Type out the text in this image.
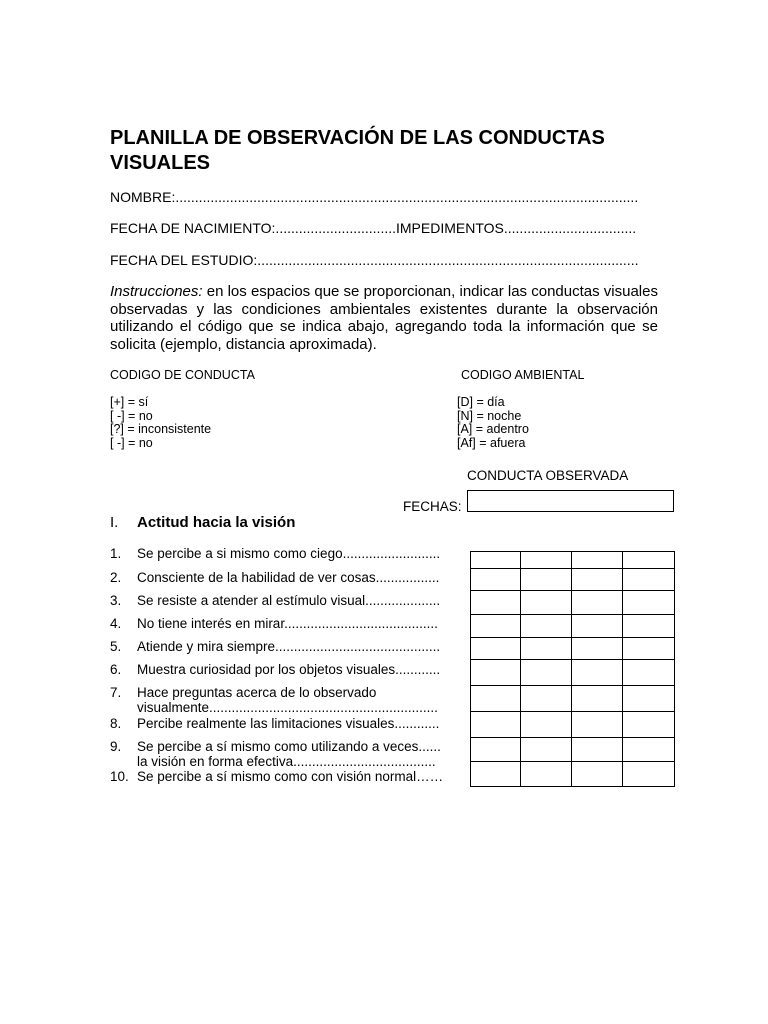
PLANILLA DE OBSERVACIÓN DE LAS CONDUCTAS VISUALES
NOMBRE:.......................................................................................................................
FECHA DE NACIMIENTO:...............................IMPEDIMENTOS..................................
FECHA DEL ESTUDIO:..................................................................................................

Instrucciones: en los espacios que se proporcionan, indicar las conductas visuales observadas y las condiciones ambientales existentes durante la observación utilizando el código que se indica abajo, agregando toda la información que se solicita (ejemplo, distancia aproximada).

CODIGO DE CONDUCTA
[+] = sí
[ -] = no
[?] = inconsistente
[ -] = no
CODIGO AMBIENTAL
[D] = día
[N] = noche
[A] = adentro
[Af] = afuera
CONDUCTA OBSERVADA
FECHAS:
I. Actitud hacia la visión
1. Se percibe a si mismo como ciego..........................
2. Consciente de la habilidad de ver cosas.................
3. Se resiste a atender al estímulo visual....................
4. No tiene interés en mirar.........................................
5. Atiende y mira siempre............................................
6. Muestra curiosidad por los objetos visuales............
7. Hace preguntas acerca de lo observado
visualmente.............................................................
8. Percibe realmente las limitaciones visuales............
9. Se percibe a sí mismo como utilizando a veces......
la visión en forma efectiva......................................
10. Se percibe a sí mismo como con visión normal……
